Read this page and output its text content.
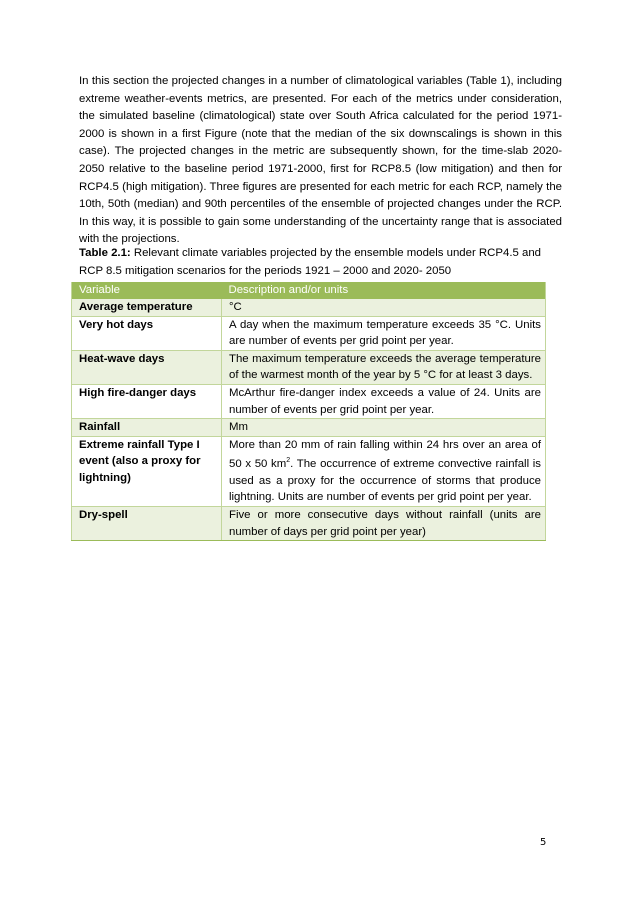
In this section the projected changes in a number of climatological variables (Table 1), including extreme weather-events metrics, are presented. For each of the metrics under consideration, the simulated baseline (climatological) state over South Africa calculated for the period 1971-2000 is shown in a first Figure (note that the median of the six downscalings is shown in this case). The projected changes in the metric are subsequently shown, for the time-slab 2020-2050 relative to the baseline period 1971-2000, first for RCP8.5 (low mitigation) and then for RCP4.5 (high mitigation). Three figures are presented for each metric for each RCP, namely the 10th, 50th (median) and 90th percentiles of the ensemble of projected changes under the RCP. In this way, it is possible to gain some understanding of the uncertainty range that is associated with the projections.

Table 2.1: Relevant climate variables projected by the ensemble models under RCP4.5 and RCP 8.5 mitigation scenarios for the periods 1921 – 2000 and 2020- 2050

Variable	Description and/or units
Average temperature	°C
Very hot days	A day when the maximum temperature exceeds 35 °C. Units are number of events per grid point per year.
Heat-wave days	The maximum temperature exceeds the average temperature of the warmest month of the year by 5 °C for at least 3 days.
High fire-danger days	McArthur fire-danger index exceeds a value of 24. Units are number of events per grid point per year.
Rainfall	Mm
Extreme rainfall Type I event (also a proxy for lightning)	More than 20 mm of rain falling within 24 hrs over an area of 50 x 50 $km^2$. The occurrence of extreme convective rainfall is used as a proxy for the occurrence of storms that produce lightning. Units are number of events per grid point per year.
Dry-spell	Five or more consecutive days without rainfall (units are number of days per grid point per year)
5
